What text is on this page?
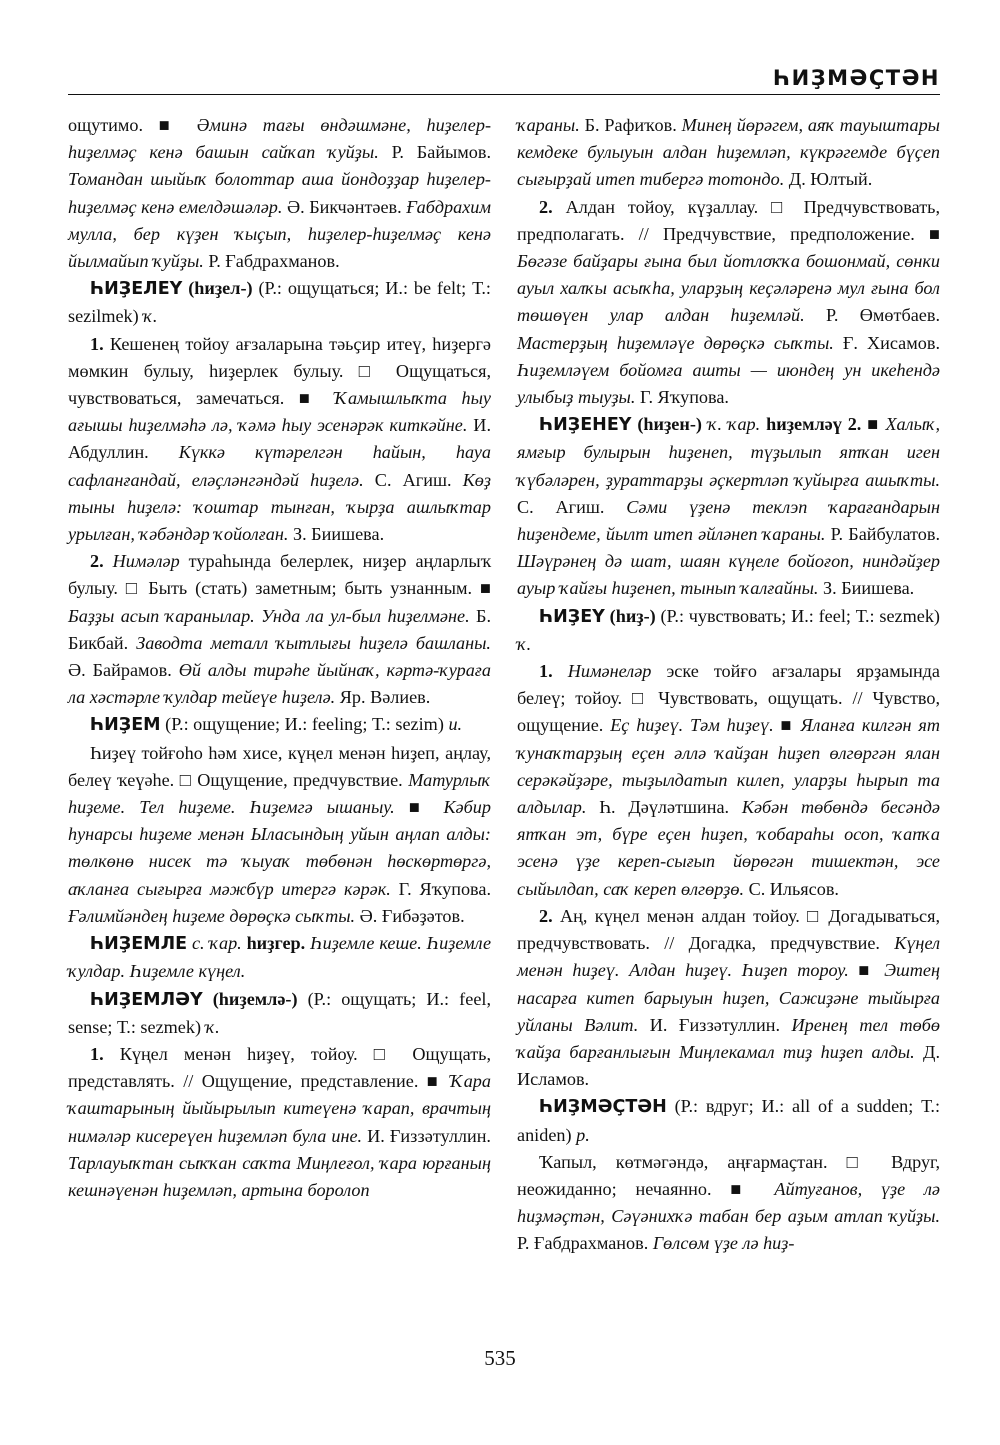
ҺИҘМӘҪТӘН

ощутимо. ■ Әминә тағы өндәшмәне, һиҙелер-һиҙелмәҫ кенә башын сайҡап ҡуйҙы. Р. Байымов. Томандан шыйыҡ болоттар аша йондоҙҙар һиҙелер-һиҙелмәҫ кенә емелдәшәләр. Ә. Бикчәнтәев. Ғабдрахим мулла, бер күҙен ҡыҫып, һиҙелер-һиҙелмәҫ кенә йылмайып ҡуйҙы. Р. Ғабдрахманов.

ҺИҘЕЛЕҮ (һиҙел-) (Р.: ощущаться; И.: be felt; Т.: sezilmek) ҡ.

1. Кешенең тойоу ағзаларына тәьҫир итеү, һиҙергә мөмкин булыу, һиҙерлек булыу. □ Ощущаться, чувствоваться, замечаться. ■ Ҡамышлыҡта һыу ағышы һиҙелмәһә лә, ҡәмә һыу эсенәрәк киткәйне. И. Абдуллин. Күккә күтәрелгән һайын, һауа сафланғандай, еләҫләнгәндәй һиҙелә. С. Агиш. Көҙ тыны һиҙелә: ҡоштар тынған, ҡырҙа ашлыҡтар урылған, ҡәбәндәр ҡойолған. З. Биишева.

2. Нимәләр тураһында белерлек, ниҙер аңларлыҡ булыу. □ Быть (стать) заметным; быть узнанным. ■ Баҙҙы асып ҡаранылар. Унда ла ул-был һиҙелмәне. Б. Бикбай. Заводта металл ҡытлығы һиҙелә башланы. Ә. Байрамов. Өй алды тирәһе йыйнаҡ, кәртә-ҡураға ла хәстәрле ҡулдар тейеүе һиҙелә. Яр. Вәлиев.

ҺИҘЕМ (Р.: ощущение; И.: feeling; Т.: sezim) и.

Һиҙеү тойғоһо һәм хисе, күңел менән һиҙеп, аңлау, белеү ҡеүәһе. □ Ощущение, предчувствие. Матурлыҡ һиҙеме. Тел һиҙеме. Һиҙемгә ышаныу. ■ Кәбир һунарсы һиҙеме менән Ыласындың уйын аңлап алды: төлкөнө нисек тә ҡыуаҡ төбөнән һөскөртөргә, аҡланға сығырға мәжбүр итергә кәрәк. Г. Яҡупова. Ғәлимйәндең һиҙеме дөрөҫкә сыҡты. Ә. Ғибәҙәтов.

ҺИҘЕМЛЕ с. ҡар. һиҙгер. Һиҙемле кеше. Һиҙемле ҡулдар. Һиҙемле күңел.

ҺИҘЕМЛӘҮ (һиҙемлә-) (Р.: ощущать; И.: feel, sense; Т.: sezmek) ҡ.

1. Күңел менән һиҙеү, тойоу. □ Ощущать, представлять. // Ощущение, представление. ■ Ҡара ҡаштарының йыйырылып китеүенә ҡарап, врачтың нимәләр кисереүен һиҙемләп була ине. И. Ғиззәтуллин. Тарлауыҡтан сыҡҡан саҡта Миңлеғол, ҡара юрғаның кешнәүенән һиҙемләп, артына боролоп

ҡараны. Б. Рафиҡов. Минең йөрәгем, аяҡ тауыштары кемдеке булыуын алдан һиҙемләп, күкрәгемде бүҫеп сығырҙай итеп тибергә тотондо. Д. Юлтый.

2. Алдан тойоу, күҙаллау. □ Предчувствовать, предполагать. // Предчувствие, предположение. ■ Бөгәзе байҙары ғына был йотлоҡҡа бошонмай, сөнки ауыл халҡы асыҡһа, уларҙың кеҫәләренә мул ғына бол төшөүен улар алдан һиҙемләй. Р. Өмөтбаев. Мастерҙың һиҙемләүе дөрөҫкә сыҡты. Ғ. Хисамов. Һиҙемләүем бойомға ашты — июндең ун икеһендә улыбыҙ тыуҙы. Г. Яҡупова.

ҺИҘЕНЕҮ (һиҙен-) ҡ. ҡар. һиҙемләү 2. ■ Халыҡ, ямғыр булырын һиҙенеп, түҙылып ятҡан иген ҡүбәләрен, ҙураттарҙы әҫкертләп ҡуйырға ашыҡты. С. Агиш. Сәми үҙенә теклэп ҡарағандарын һиҙендеме, йылт итеп әйләнеп ҡараны. Р. Байбулатов. Шәүрәнең дә шат, шаян күңеле бойоғоп, ниндәйҙер ауыр ҡайғы һиҙенеп, тынып ҡалғайны. З. Биишева.

ҺИҘЕҮ (һиҙ-) (Р.: чувствовать; И.: feel; Т.: sezmek) ҡ.

1. Нимәнеләр эске тойғо ағзалары ярҙамында белеү; тойоу. □ Чувствовать, ощущать. // Чувство, ощущение. Еҫ һиҙеү. Тәм һиҙеү. ■ Яланға килгән ят ҡунаҡтарҙың еҫен әллә ҡайҙан һиҙеп өлгөргән ялан серәкәйҙәре, тыҙылдатып килеп, уларҙы һырып та алдылар. Һ. Дәүләтшина. Кәбән төбөндә бесәндә ятҡан эт, бүре еҫен һиҙеп, ҡобараһы осоп, ҡапҡа эсенә үҙе кереп-сығып йөрөгән тишектән, эсе сыйылдап, саҡ кереп өлгөрҙө. С. Ильясов.

2. Аң, күңел менән алдан тойоу. □ Догадываться, предчувствовать. // Догадка, предчувствие. Күңел менән һиҙеү. Алдан һиҙеү. Һиҙеп тороу. ■ Эштең насарға китеп барыуын һиҙеп, Сажиҙәне тыйырға уйланы Вәлит. И. Ғиззәтуллин. Иренең тел төбө ҡайҙа барғанлығын Миңлекамал тиҙ һиҙеп алды. Д. Исламов.

ҺИҘМӘҪТӘН (Р.: вдруг; И.: all of a sudden; Т.: aniden) р.

Ҡапыл, көтмәгәндә, аңғармаҫтан. □ Вдруг, неожиданно; нечаянно. ■ Айтуғанов, үҙе лә һиҙмәҫтән, Сәүәнихҡә табан бер аҙым атлап ҡуйҙы. Р. Ғабдрахманов. Гөлсөм үҙе лә һиҙ-

535
